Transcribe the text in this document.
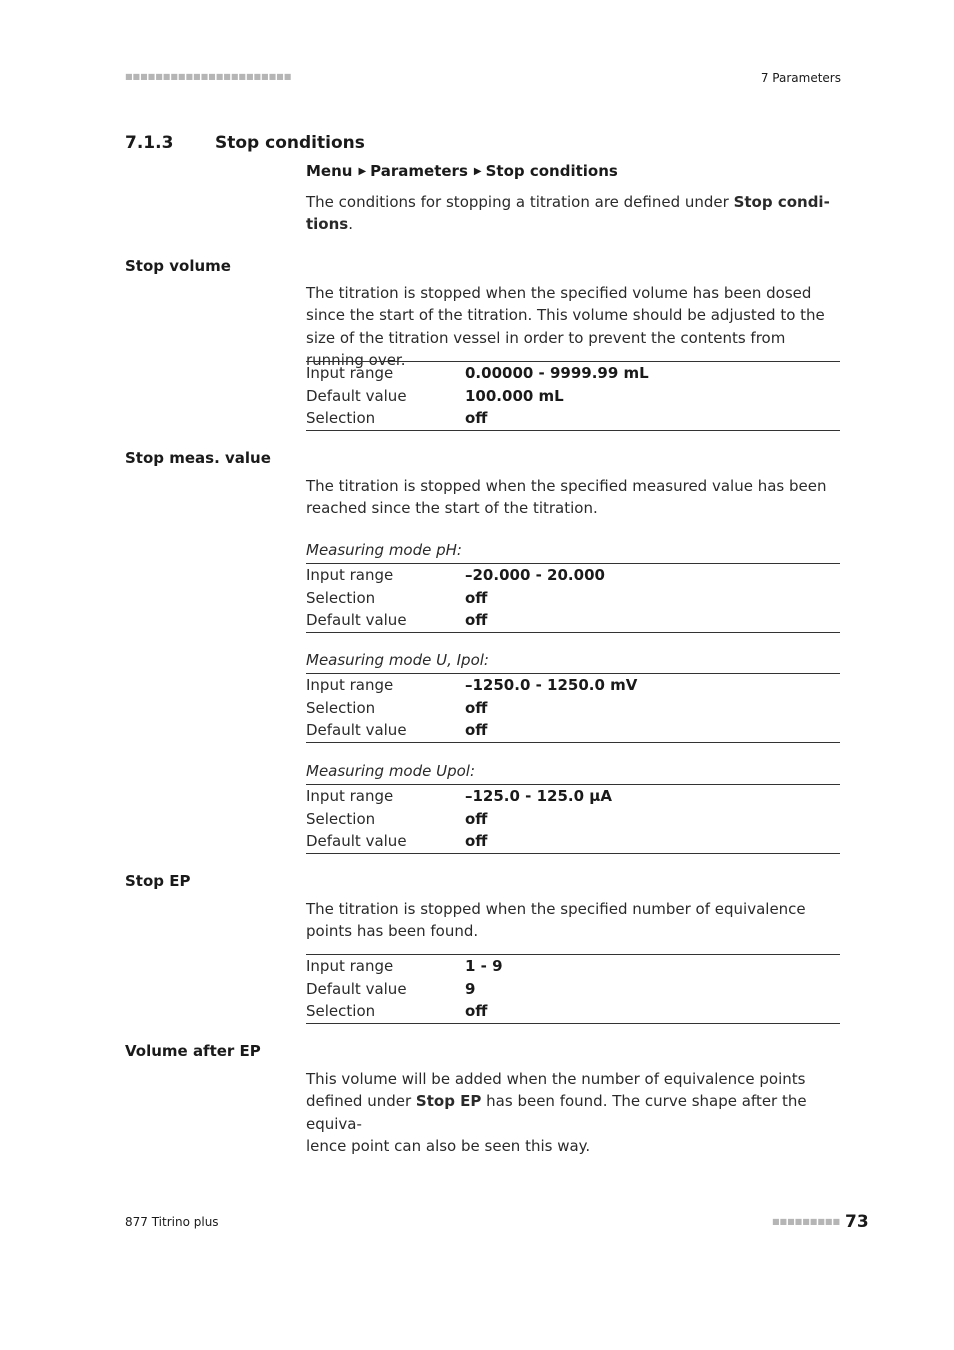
■■■■■■■■■■■■■■■■■■■■■■	7 Parameters
7.1.3 Stop conditions
Menu ▶ Parameters ▶ Stop conditions
The conditions for stopping a titration are defined under Stop condi-
tions.
Stop volume
The titration is stopped when the specified volume has been dosed since the start of the titration. This volume should be adjusted to the size of the titration vessel in order to prevent the contents from running over.
Input range	0.00000 - 9999.99 mL
Default value	100.000 mL
Selection	off
Stop meas. value
The titration is stopped when the specified measured value has been reached since the start of the titration.
Measuring mode pH:
Input range	–20.000 - 20.000
Selection	off
Default value	off
Measuring mode U, Ipol:
Input range	–1250.0 - 1250.0 mV
Selection	off
Default value	off
Measuring mode Upol:
Input range	–125.0 - 125.0 µA
Selection	off
Default value	off
Stop EP
The titration is stopped when the specified number of equivalence points has been found.
Input range	1 - 9
Default value	9
Selection	off
Volume after EP
This volume will be added when the number of equivalence points
defined under Stop EP has been found. The curve shape after the equiva-
lence point can also be seen this way.
877 Titrino plus	■■■■■■■■■ 73
